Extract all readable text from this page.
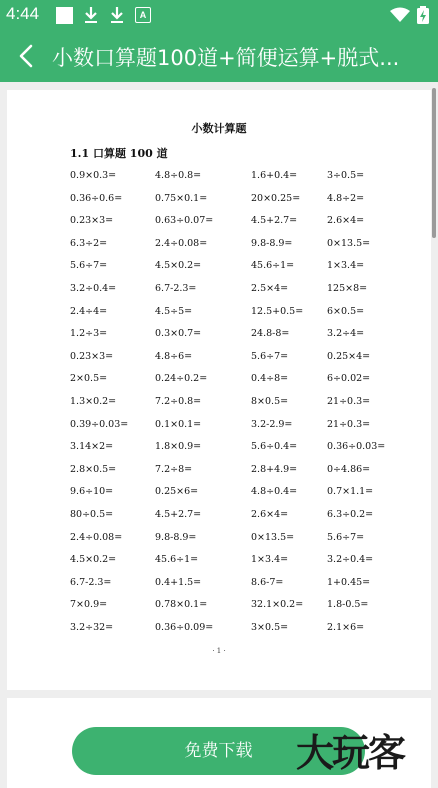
4:44	A
小数口算题100道+简便运算+脱式...
小数计算题
1.1 口算题 100 道
0.9×0.3=	4.8÷0.8=	1.6+0.4=	3÷0.5=
0.36÷0.6=	0.75×0.1=	20×0.25=	4.8÷2=
0.23×3=	0.63÷0.07=	4.5+2.7=	2.6×4=
6.3÷2=	2.4÷0.08=	9.8-8.9=	0×13.5=
5.6÷7=	4.5×0.2=	45.6÷1=	1×3.4=
3.2÷0.4=	6.7-2.3=	2.5×4=	125×8=
2.4÷4=	4.5÷5=	12.5+0.5=	6×0.5=
1.2÷3=	0.3×0.7=	24.8-8=	3.2÷4=
0.23×3=	4.8÷6=	5.6÷7=	0.25×4=
2×0.5=	0.24÷0.2=	0.4÷8=	6÷0.02=
1.3×0.2=	7.2÷0.8=	8×0.5=	21÷0.3=
0.39÷0.03=	0.1×0.1=	3.2-2.9=	21÷0.3=
3.14×2=	1.8×0.9=	5.6÷0.4=	0.36÷0.03=
2.8×0.5=	7.2÷8=	2.8+4.9=	0÷4.86=
9.6÷10=	0.25×6=	4.8÷0.4=	0.7×1.1=
80÷0.5=	4.5+2.7=	2.6×4=	6.3÷0.2=
2.4÷0.08=	9.8-8.9=	0×13.5=	5.6÷7=
4.5×0.2=	45.6÷1=	1×3.4=	3.2÷0.4=
6.7-2.3=	0.4+1.5=	8.6-7=	1+0.45=
7×0.9=	0.78×0.1=	32.1×0.2=	1.8-0.5=
3.2÷32=	0.36÷0.09=	3×0.5=	2.1×6=
· 1 ·
免费下载	大玩客
